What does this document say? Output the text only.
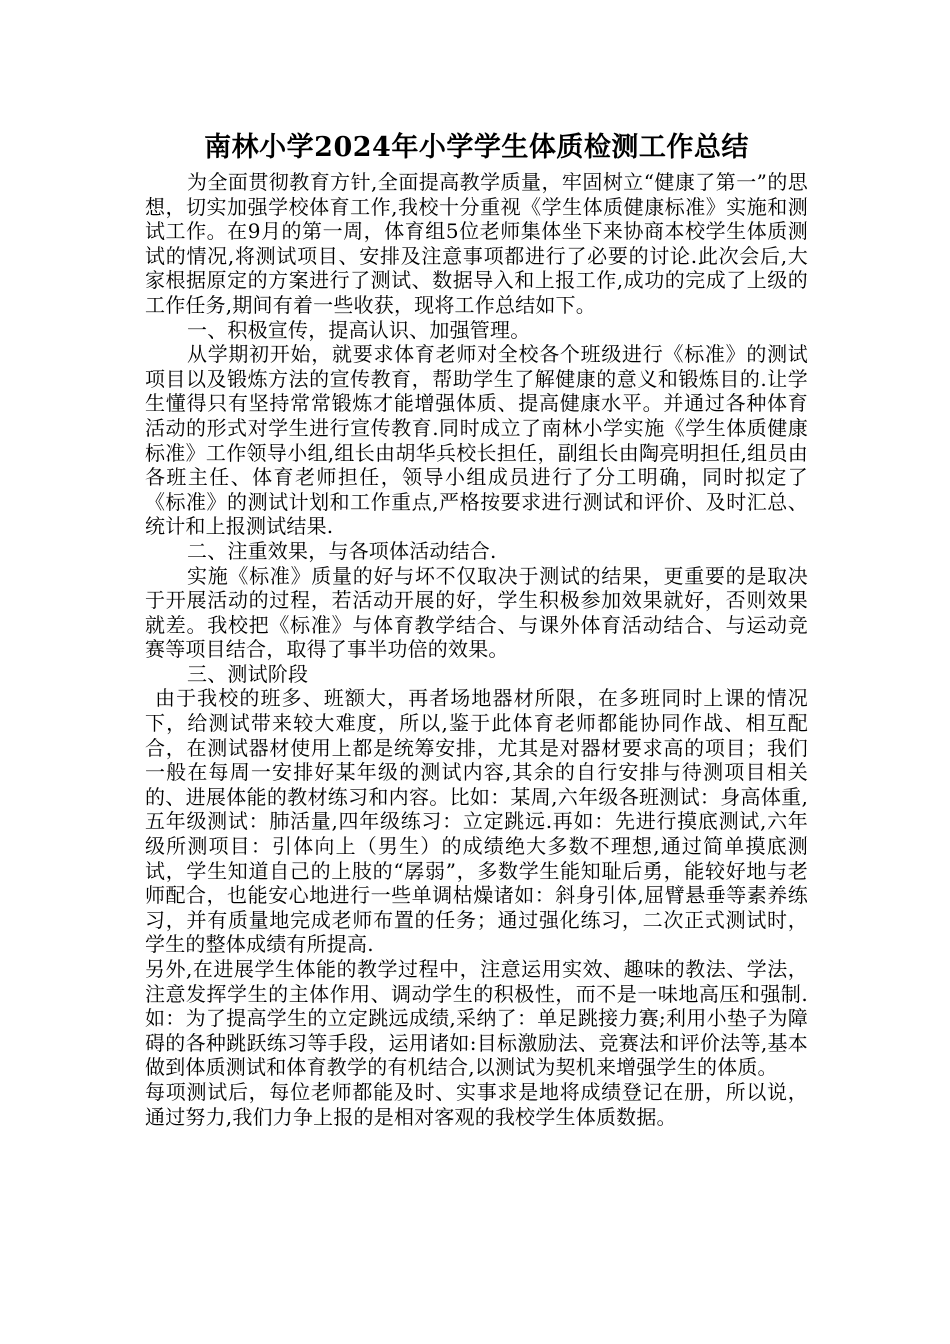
南林小学2024年小学学生体质检测工作总结

为全面贯彻教育方针,全面提高教学质量，牢固树立“健康了第一”的思想，切实加强学校体育工作,我校十分重视《学生体质健康标准》实施和测试工作。在9月的第一周，体育组5位老师集体坐下来协商本校学生体质测试的情况,将测试项目、安排及注意事项都进行了必要的讨论.此次会后,大家根据原定的方案进行了测试、数据导入和上报工作,成功的完成了上级的工作任务,期间有着一些收获，现将工作总结如下。

一、积极宣传，提高认识、加强管理。

从学期初开始，就要求体育老师对全校各个班级进行《标准》的测试项目以及锻炼方法的宣传教育，帮助学生了解健康的意义和锻炼目的.让学生懂得只有坚持常常锻炼才能增强体质、提高健康水平。并通过各种体育活动的形式对学生进行宣传教育.同时成立了南林小学实施《学生体质健康标准》工作领导小组,组长由胡华兵校长担任，副组长由陶亮明担任,组员由各班主任、体育老师担任，领导小组成员进行了分工明确，同时拟定了《标准》的测试计划和工作重点,严格按要求进行测试和评价、及时汇总、统计和上报测试结果.

二、注重效果，与各项体活动结合.

实施《标准》质量的好与坏不仅取决于测试的结果，更重要的是取决于开展活动的过程，若活动开展的好，学生积极参加效果就好，否则效果就差。我校把《标准》与体育教学结合、与课外体育活动结合、与运动竞赛等项目结合，取得了事半功倍的效果。

三、测试阶段

由于我校的班多、班额大，再者场地器材所限，在多班同时上课的情况下，给测试带来较大难度，所以,鉴于此体育老师都能协同作战、相互配合，在测试器材使用上都是统筹安排，尤其是对器材要求高的项目；我们一般在每周一安排好某年级的测试内容,其余的自行安排与待测项目相关的、进展体能的教材练习和内容。比如：某周,六年级各班测试：身高体重,五年级测试：肺活量,四年级练习：立定跳远.再如：先进行摸底测试,六年级所测项目：引体向上（男生）的成绩绝大多数不理想,通过简单摸底测试，学生知道自己的上肢的“孱弱”，多数学生能知耻后勇，能较好地与老师配合，也能安心地进行一些单调枯燥诸如：斜身引体,屈臂悬垂等素养练习，并有质量地完成老师布置的任务；通过强化练习，二次正式测试时，学生的整体成绩有所提高.

另外,在进展学生体能的教学过程中，注意运用实效、趣味的教法、学法，注意发挥学生的主体作用、调动学生的积极性，而不是一味地高压和强制.如：为了提高学生的立定跳远成绩,采纳了：单足跳接力赛;利用小垫子为障碍的各种跳跃练习等手段，运用诸如:目标激励法、竞赛法和评价法等,基本做到体质测试和体育教学的有机结合,以测试为契机来增强学生的体质。

每项测试后，每位老师都能及时、实事求是地将成绩登记在册，所以说，通过努力,我们力争上报的是相对客观的我校学生体质数据。
